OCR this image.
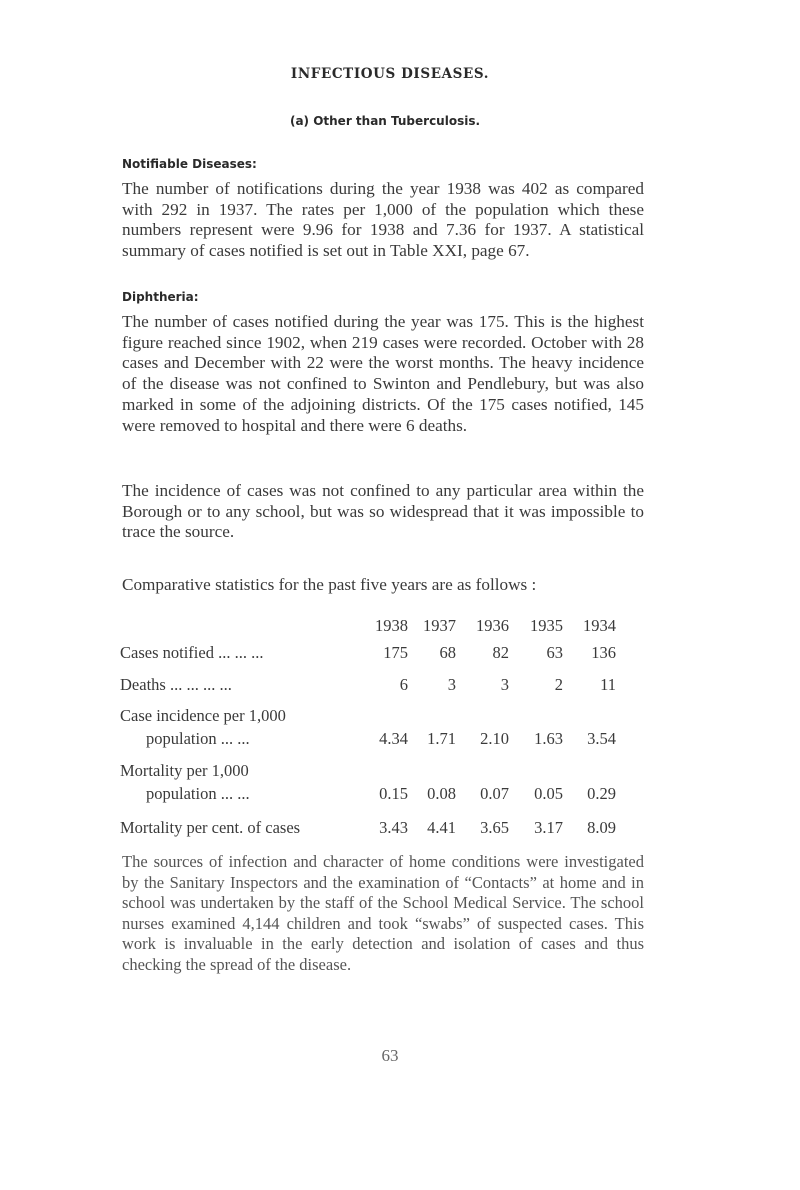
INFECTIOUS DISEASES.
(a) Other than Tuberculosis.
Notifiable Diseases:

The number of notifications during the year 1938 was 402 as compared with 292 in 1937. The rates per 1,000 of the population which these numbers represent were 9.96 for 1938 and 7.36 for 1937. A statistical summary of cases notified is set out in Table XXI, page 67.

Diphtheria:

The number of cases notified during the year was 175. This is the highest figure reached since 1902, when 219 cases were recorded. October with 28 cases and December with 22 were the worst months. The heavy incidence of the disease was not confined to Swinton and Pendlebury, but was also marked in some of the adjoining districts. Of the 175 cases notified, 145 were removed to hospital and there were 6 deaths.

The incidence of cases was not confined to any particular area within the Borough or to any school, but was so widespread that it was impossible to trace the source.

Comparative statistics for the past five years are as follows :
	1938	1937	1936	1935	1934
Cases notified ... ... ...	175	68	82	63	136
Deaths ... ... ... ...	6	3	3	2	11
Case incidence per 1,000					
population ... ...	4.34	1.71	2.10	1.63	3.54
Mortality per 1,000					
population ... ...	0.15	0.08	0.07	0.05	0.29
Mortality per cent. of cases	3.43	4.41	3.65	3.17	8.09

The sources of infection and character of home conditions were investigated by the Sanitary Inspectors and the examination of “Contacts” at home and in school was undertaken by the staff of the School Medical Service. The school nurses examined 4,144 children and took “swabs” of suspected cases. This work is invaluable in the early detection and isolation of cases and thus checking the spread of the disease.

63
